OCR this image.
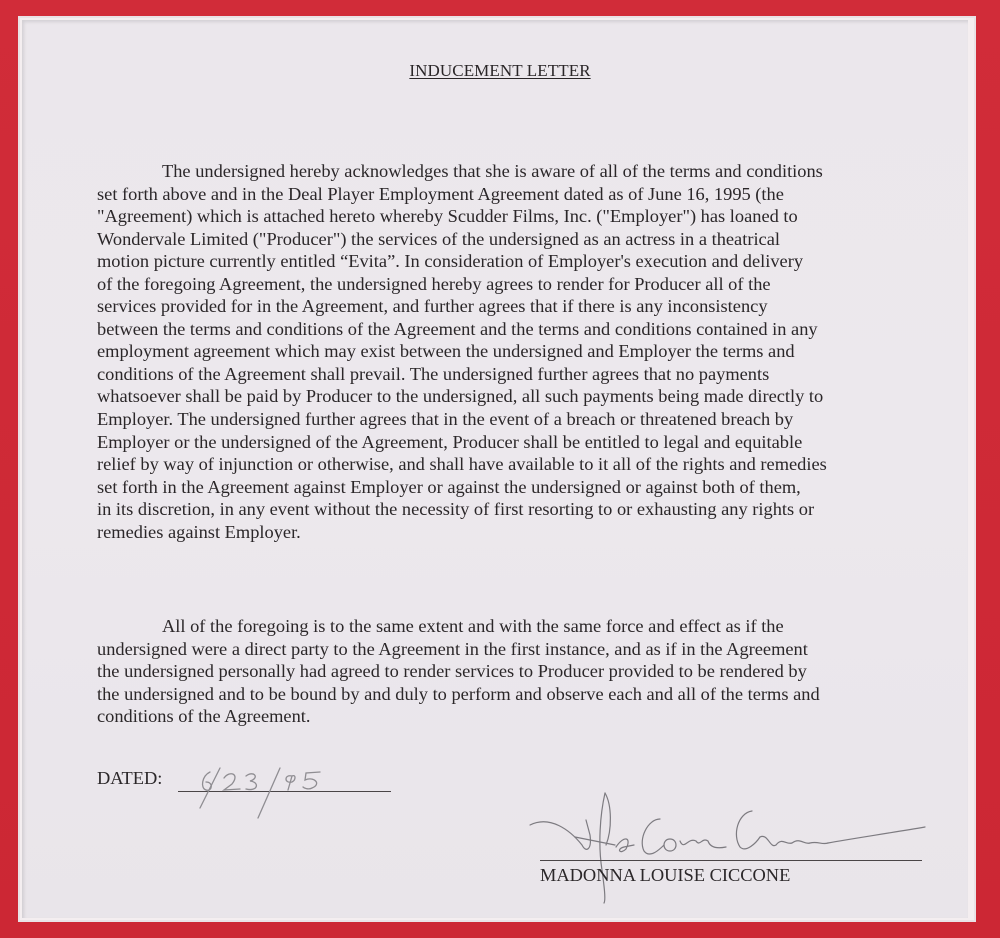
INDUCEMENT LETTER
The undersigned hereby acknowledges that she is aware of all of the terms and conditions
set forth above and in the Deal Player Employment Agreement dated as of June 16, 1995 (the
"Agreement) which is attached hereto whereby Scudder Films, Inc. ("Employer") has loaned to
Wondervale Limited ("Producer") the services of the undersigned as an actress in a theatrical
motion picture currently entitled “Evita”. In consideration of Employer's execution and delivery
of the foregoing Agreement, the undersigned hereby agrees to render for Producer all of the
services provided for in the Agreement, and further agrees that if there is any inconsistency
between the terms and conditions of the Agreement and the terms and conditions contained in any
employment agreement which may exist between the undersigned and Employer the terms and
conditions of the Agreement shall prevail. The undersigned further agrees that no payments
whatsoever shall be paid by Producer to the undersigned, all such payments being made directly to
Employer. The undersigned further agrees that in the event of a breach or threatened breach by
Employer or the undersigned of the Agreement, Producer shall be entitled to legal and equitable
relief by way of injunction or otherwise, and shall have available to it all of the rights and remedies
set forth in the Agreement against Employer or against the undersigned or against both of them,
in its discretion, in any event without the necessity of first resorting to or exhausting any rights or
remedies against Employer.
All of the foregoing is to the same extent and with the same force and effect as if the
undersigned were a direct party to the Agreement in the first instance, and as if in the Agreement
the undersigned personally had agreed to render services to Producer provided to be rendered by
the undersigned and to be bound by and duly to perform and observe each and all of the terms and
conditions of the Agreement.
DATED:
MADONNA LOUISE CICCONE
